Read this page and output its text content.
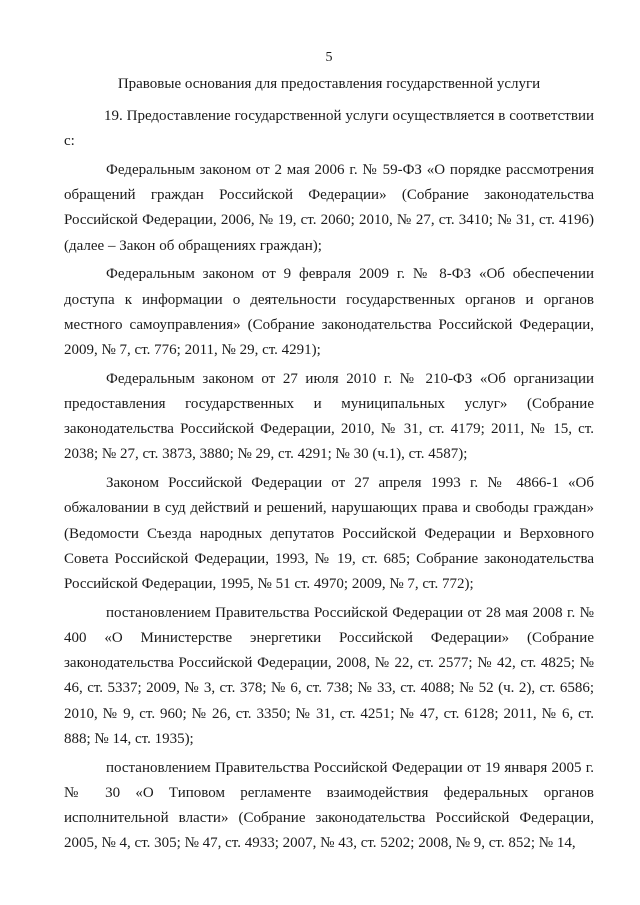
5
Правовые основания для предоставления государственной услуги

19. Предоставление государственной услуги осуществляется в соответствии с:

Федеральным законом от 2 мая 2006 г. № 59-ФЗ «О порядке рассмотрения обращений граждан Российской Федерации» (Собрание законодательства Российской Федерации, 2006, № 19, ст. 2060; 2010, № 27, ст. 3410; № 31, ст. 4196) (далее – Закон об обращениях граждан);

Федеральным законом от 9 февраля 2009 г. № 8-ФЗ «Об обеспечении доступа к информации о деятельности государственных органов и органов местного самоуправления» (Собрание законодательства Российской Федерации, 2009, № 7, ст. 776; 2011, № 29, ст. 4291);

Федеральным законом от 27 июля 2010 г. № 210-ФЗ «Об организации предоставления государственных и муниципальных услуг» (Собрание законодательства Российской Федерации, 2010, № 31, ст. 4179; 2011, № 15, ст. 2038; № 27, ст. 3873, 3880; № 29, ст. 4291; № 30 (ч.1), ст. 4587);

Законом Российской Федерации от 27 апреля 1993 г. № 4866-1 «Об обжаловании в суд действий и решений, нарушающих права и свободы граждан» (Ведомости Съезда народных депутатов Российской Федерации и Верховного Совета Российской Федерации, 1993, № 19, ст. 685; Собрание законодательства Российской Федерации, 1995, № 51 ст. 4970; 2009, № 7, ст. 772);

постановлением Правительства Российской Федерации от 28 мая 2008 г. № 400 «О Министерстве энергетики Российской Федерации» (Собрание законодательства Российской Федерации, 2008, № 22, ст. 2577; № 42, ст. 4825; № 46, ст. 5337; 2009, № 3, ст. 378; № 6, ст. 738; № 33, ст. 4088; № 52 (ч. 2), ст. 6586; 2010, № 9, ст. 960; № 26, ст. 3350; № 31, ст. 4251; № 47, ст. 6128; 2011, № 6, ст. 888; № 14, ст. 1935);

постановлением Правительства Российской Федерации от 19 января 2005 г. № 30 «О Типовом регламенте взаимодействия федеральных органов исполнительной власти» (Собрание законодательства Российской Федерации, 2005, № 4, ст. 305; № 47, ст. 4933; 2007, № 43, ст. 5202; 2008, № 9, ст. 852; № 14,
